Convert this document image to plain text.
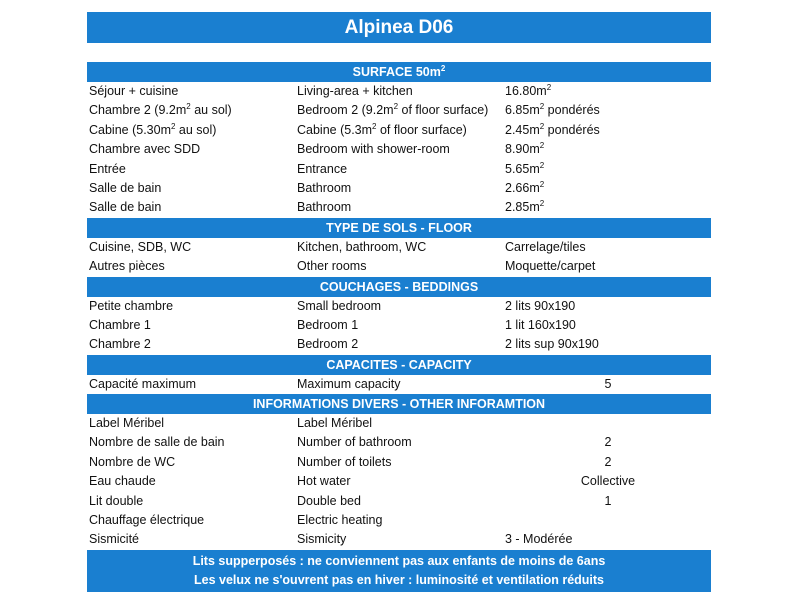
Alpinea D06
SURFACE $50m^2$
Séjour + cuisine	Living-area + kitchen	$16.80m^2$
Chambre 2 ($9.2m^2$ au sol)	Bedroom 2 ($9.2m^2$ of floor surface)	$6.85m^2$ pondérés
Cabine ($5.30m^2$ au sol)	Cabine ($5.3m^2$ of floor surface)	$2.45m^2$ pondérés
Chambre avec SDD	Bedroom with shower-room	$8.90m^2$
Entrée	Entrance	$5.65m^2$
Salle de bain	Bathroom	$2.66m^2$
Salle de bain	Bathroom	$2.85m^2$
TYPE DE SOLS - FLOOR
Cuisine, SDB, WC	Kitchen, bathroom, WC	Carrelage/tiles
Autres pièces	Other rooms	Moquette/carpet
COUCHAGES - BEDDINGS
Petite chambre	Small bedroom	2 lits 90x190
Chambre 1	Bedroom 1	1 lit 160x190
Chambre 2	Bedroom 2	2 lits sup 90x190
CAPACITES - CAPACITY
Capacité maximum	Maximum capacity	5
INFORMATIONS DIVERS - OTHER INFORAMTION
Label Méribel	Label Méribel
Nombre de salle de bain	Number of bathroom	2
Nombre de WC	Number of toilets	2
Eau chaude	Hot water	Collective
Lit double	Double bed	1
Chauffage électrique	Electric heating
Sismicité	Sismicity	3 - Modérée
Lits supperposés : ne conviennent pas aux enfants de moins de 6ans
Les velux ne s'ouvrent pas en hiver : luminosité et ventilation réduits
